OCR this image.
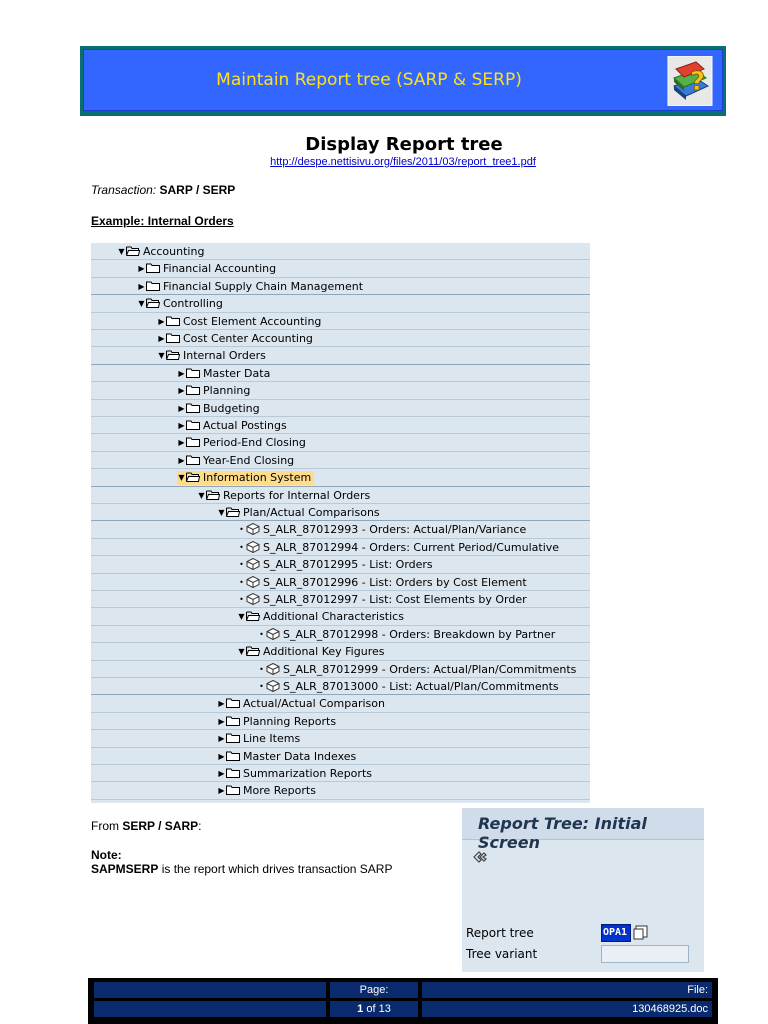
Maintain Report tree (SARP & SERP)	?
Display Report tree
http://despe.nettisivu.org/files/2011/03/report_tree1.pdf
Transaction: SARP / SERP
Example: Internal Orders
▼ Accounting
▶ Financial Accounting
▶ Financial Supply Chain Management
▼ Controlling
▶ Cost Element Accounting
▶ Cost Center Accounting
▼ Internal Orders
▶ Master Data
▶ Planning
▶ Budgeting
▶ Actual Postings
▶ Period-End Closing
▶ Year-End Closing
▼ Information System
▼ Reports for Internal Orders
▼ Plan/Actual Comparisons
• S_ALR_87012993 - Orders: Actual/Plan/Variance
• S_ALR_87012994 - Orders: Current Period/Cumulative
• S_ALR_87012995 - List: Orders
• S_ALR_87012996 - List: Orders by Cost Element
• S_ALR_87012997 - List: Cost Elements by Order
▼ Additional Characteristics
• S_ALR_87012998 - Orders: Breakdown by Partner
▼ Additional Key Figures
• S_ALR_87012999 - Orders: Actual/Plan/Commitments
• S_ALR_87013000 - List: Actual/Plan/Commitments
▶ Actual/Actual Comparison
▶ Planning Reports
▶ Line Items
▶ Master Data Indexes
▶ Summarization Reports
▶ More Reports
From SERP / SARP:
Note:
SAPMSERP is the report which drives transaction SARP
Report Tree: Initial Screen
Report tree	OPA1
Tree variant
Page:
1 of 13
File:
130468925.doc
